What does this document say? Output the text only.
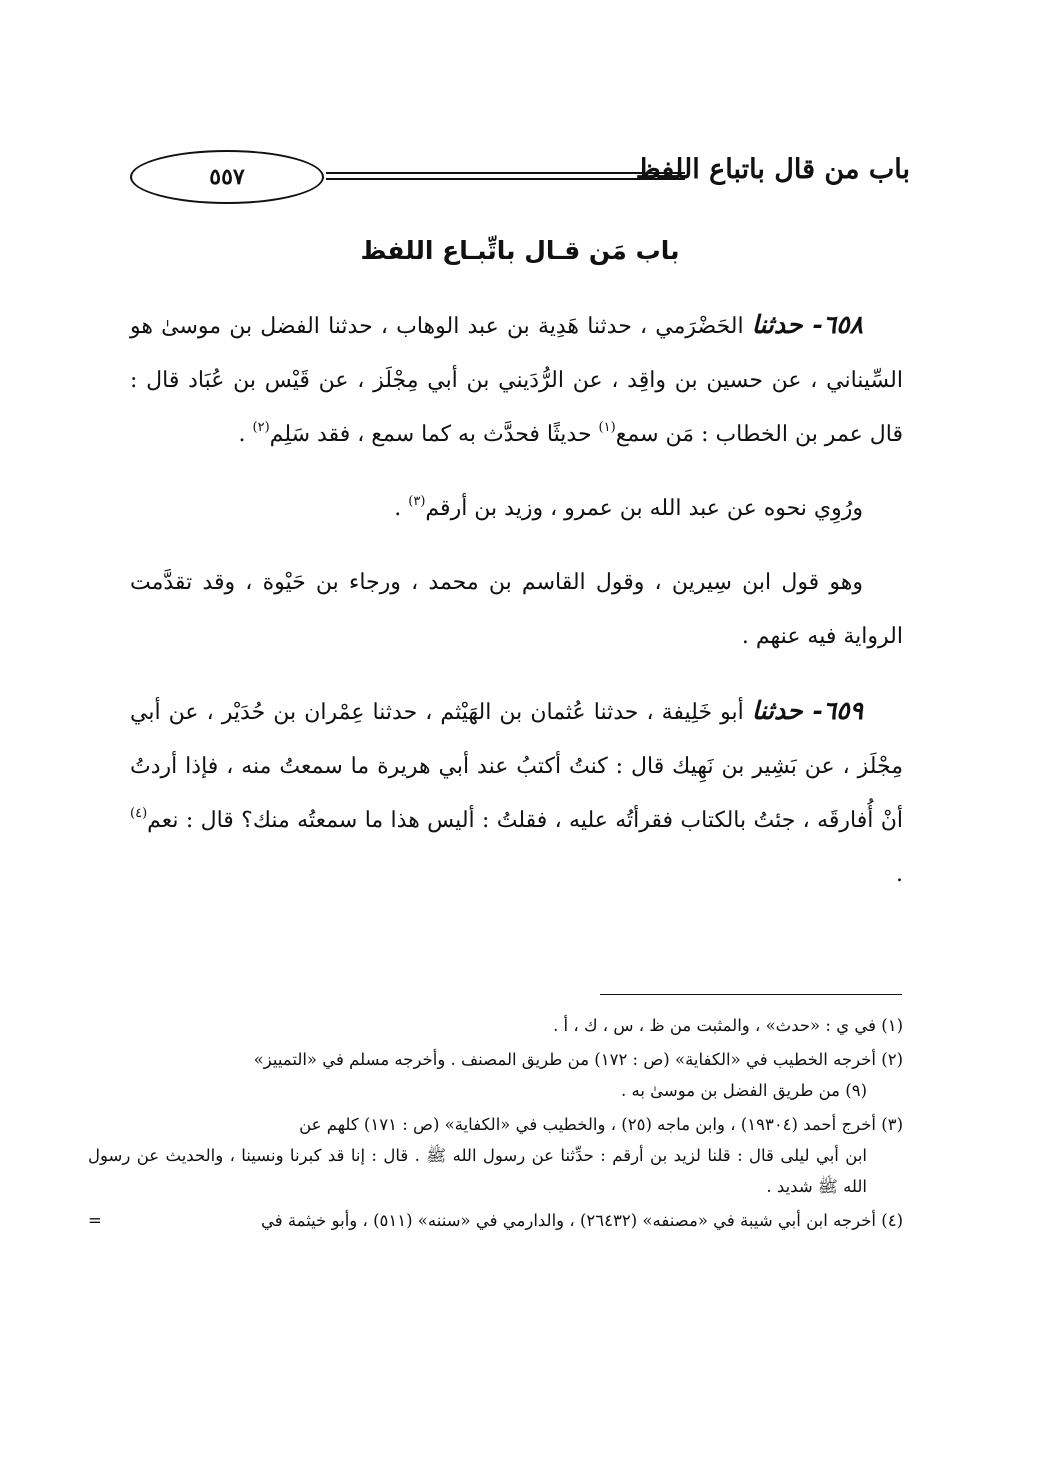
باب من قال باتباع اللفظ
٥٥٧
باب مَن قـال باتِّبـاع اللفظ

٦٥٨- حدثنا الحَضْرَمي ، حدثنا هَدِية بن عبد الوهاب ، حدثنا الفضل بن موسىٰ هو السِّيناني ، عن حسين بن واقِد ، عن الرُّدَيني بن أبي مِجْلَز ، عن قَيْس بن عُبَاد قال : قال عمر بن الخطاب : مَن سمع$^{(١)}$ حديثًا فحدَّث به كما سمع ، فقد سَلِم$^{(٢)}$ .

ورُوِي نحوه عن عبد الله بن عمرو ، وزيد بن أرقم$^{(٣)}$ .

وهو قول ابن سِيرين ، وقول القاسم بن محمد ، ورجاء بن حَيْوة ، وقد تقدَّمت الرواية فيه عنهم .

٦٥٩- حدثنا أبو خَلِيفة ، حدثنا عُثمان بن الهَيْثم ، حدثنا عِمْران بن حُدَيْر ، عن أبي مِجْلَز ، عن بَشِير بن نَهِيك قال : كنتُ أكتبُ عند أبي هريرة ما سمعتُ منه ، فإذا أردتُ أنْ أُفارقَه ، جئتُ بالكتاب فقرأتُه عليه ، فقلتُ : أليس هذا ما سمعتُه منك؟ قال : نعم$^{(٤)}$ .

(١) في ي : «حدث» ، والمثبت من ظ ، س ، ك ، أ .

(٢) أخرجه الخطيب في «الكفاية» (ص : ١٧٢) من طريق المصنف . وأخرجه مسلم في «التمييز»
(٩) من طريق الفضل بن موسىٰ به .

(٣) أخرج أحمد (١٩٣٠٤) ، وابن ماجه (٢٥) ، والخطيب في «الكفاية» (ص : ١٧١) كلهم عن
ابن أبي ليلى قال : قلنا لزيد بن أرقم : حدِّثنا عن رسول الله ﷺ . قال : إنا قد كبرنا ونسينا ، والحديث عن رسول الله ﷺ شديد .

(٤) أخرجه ابن أبي شيبة في «مصنفه» (٢٦٤٣٢) ، والدارمي في «سننه» (٥١١) ، وأبو خيثمة في
=
